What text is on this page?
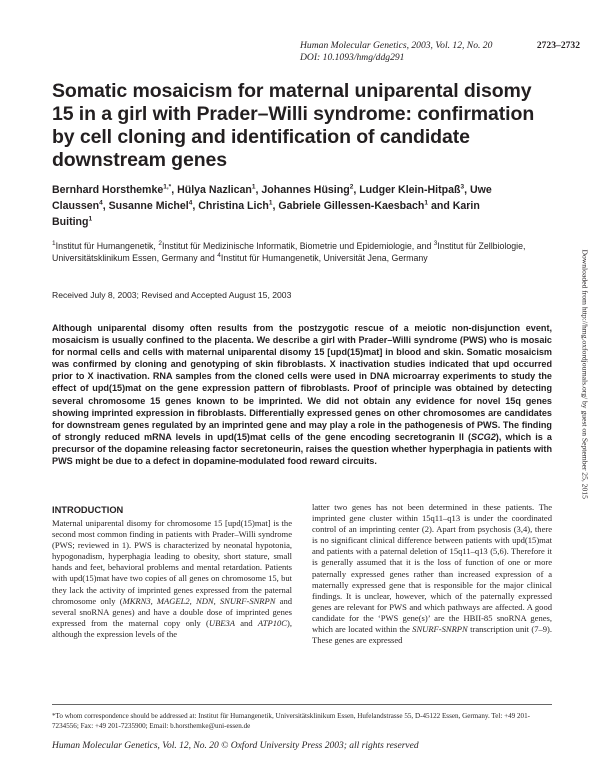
Human Molecular Genetics, 2003, Vol. 12, No. 20
DOI: 10.1093/hmg/ddg291
2723–2732
Somatic mosaicism for maternal uniparental disomy 15 in a girl with Prader–Willi syndrome: confirmation by cell cloning and identification of candidate downstream genes
Bernhard Horsthemke$^{1,*}$, Hülya Nazlican$^1$, Johannes Hüsing$^2$, Ludger Klein-Hitpaß$^3$, Uwe Claussen$^4$, Susanne Michel$^4$, Christina Lich$^1$, Gabriele Gillessen-Kaesbach$^1$ and Karin Buiting$^1$
$^1$Institut für Humangenetik, $^2$Institut für Medizinische Informatik, Biometrie und Epidemiologie, and $^3$Institut für Zellbiologie, Universitätsklinikum Essen, Germany and $^4$Institut für Humangenetik, Universität Jena, Germany
Received July 8, 2003; Revised and Accepted August 15, 2003
Although uniparental disomy often results from the postzygotic rescue of a meiotic non-disjunction event, mosaicism is usually confined to the placenta. We describe a girl with Prader–Willi syndrome (PWS) who is mosaic for normal cells and cells with maternal uniparental disomy 15 [upd(15)mat] in blood and skin. Somatic mosaicism was confirmed by cloning and genotyping of skin fibroblasts. X inactivation studies indicated that upd occurred prior to X inactivation. RNA samples from the cloned cells were used in DNA microarray experiments to study the effect of upd(15)mat on the gene expression pattern of fibroblasts. Proof of principle was obtained by detecting several chromosome 15 genes known to be imprinted. We did not obtain any evidence for novel 15q genes showing imprinted expression in fibroblasts. Differentially expressed genes on other chromosomes are candidates for downstream genes regulated by an imprinted gene and may play a role in the pathogenesis of PWS. The finding of strongly reduced mRNA levels in upd(15)mat cells of the gene encoding secretogranin II (SCG2), which is a precursor of the dopamine releasing factor secretoneurin, raises the question whether hyperphagia in patients with PWS might be due to a defect in dopamine-modulated food reward circuits.
INTRODUCTION

Maternal uniparental disomy for chromosome 15 [upd(15)mat] is the second most common finding in patients with Prader–Willi syndrome (PWS; reviewed in 1). PWS is characterized by neonatal hypotonia, hypogonadism, hyperphagia leading to obesity, short stature, small hands and feet, behavioral problems and mental retardation. Patients with upd(15)mat have two copies of all genes on chromosome 15, but they lack the activity of imprinted genes expressed from the paternal chromosome only (MKRN3, MAGEL2, NDN, SNURF-SNRPN and several snoRNA genes) and have a double dose of imprinted genes expressed from the maternal copy only (UBE3A and ATP10C), although the expression levels of the

latter two genes has not been determined in these patients. The imprinted gene cluster within 15q11–q13 is under the coordinated control of an imprinting center (2). Apart from psychosis (3,4), there is no significant clinical difference between patients with upd(15)mat and patients with a paternal deletion of 15q11–q13 (5,6). Therefore it is generally assumed that it is the loss of function of one or more paternally expressed genes rather than increased expression of a maternally expressed gene that is responsible for the major clinical findings. It is unclear, however, which of the paternally expressed genes are relevant for PWS and which pathways are affected. A good candidate for the ‘PWS gene(s)’ are the HBII-85 snoRNA genes, which are located within the SNURF-SNRPN transcription unit (7–9). These genes are expressed

*To whom correspondence should be addressed at: Institut für Humangenetik, Universitätsklinikum Essen, Hufelandstrasse 55, D-45122 Essen, Germany. Tel: +49 201-7234556; Fax: +49 201-7235900; Email: b.horsthemke@uni-essen.de
Human Molecular Genetics, Vol. 12, No. 20 © Oxford University Press 2003; all rights reserved
Downloaded from http://hmg.oxfordjournals.org/ by guest on September 25, 2015
